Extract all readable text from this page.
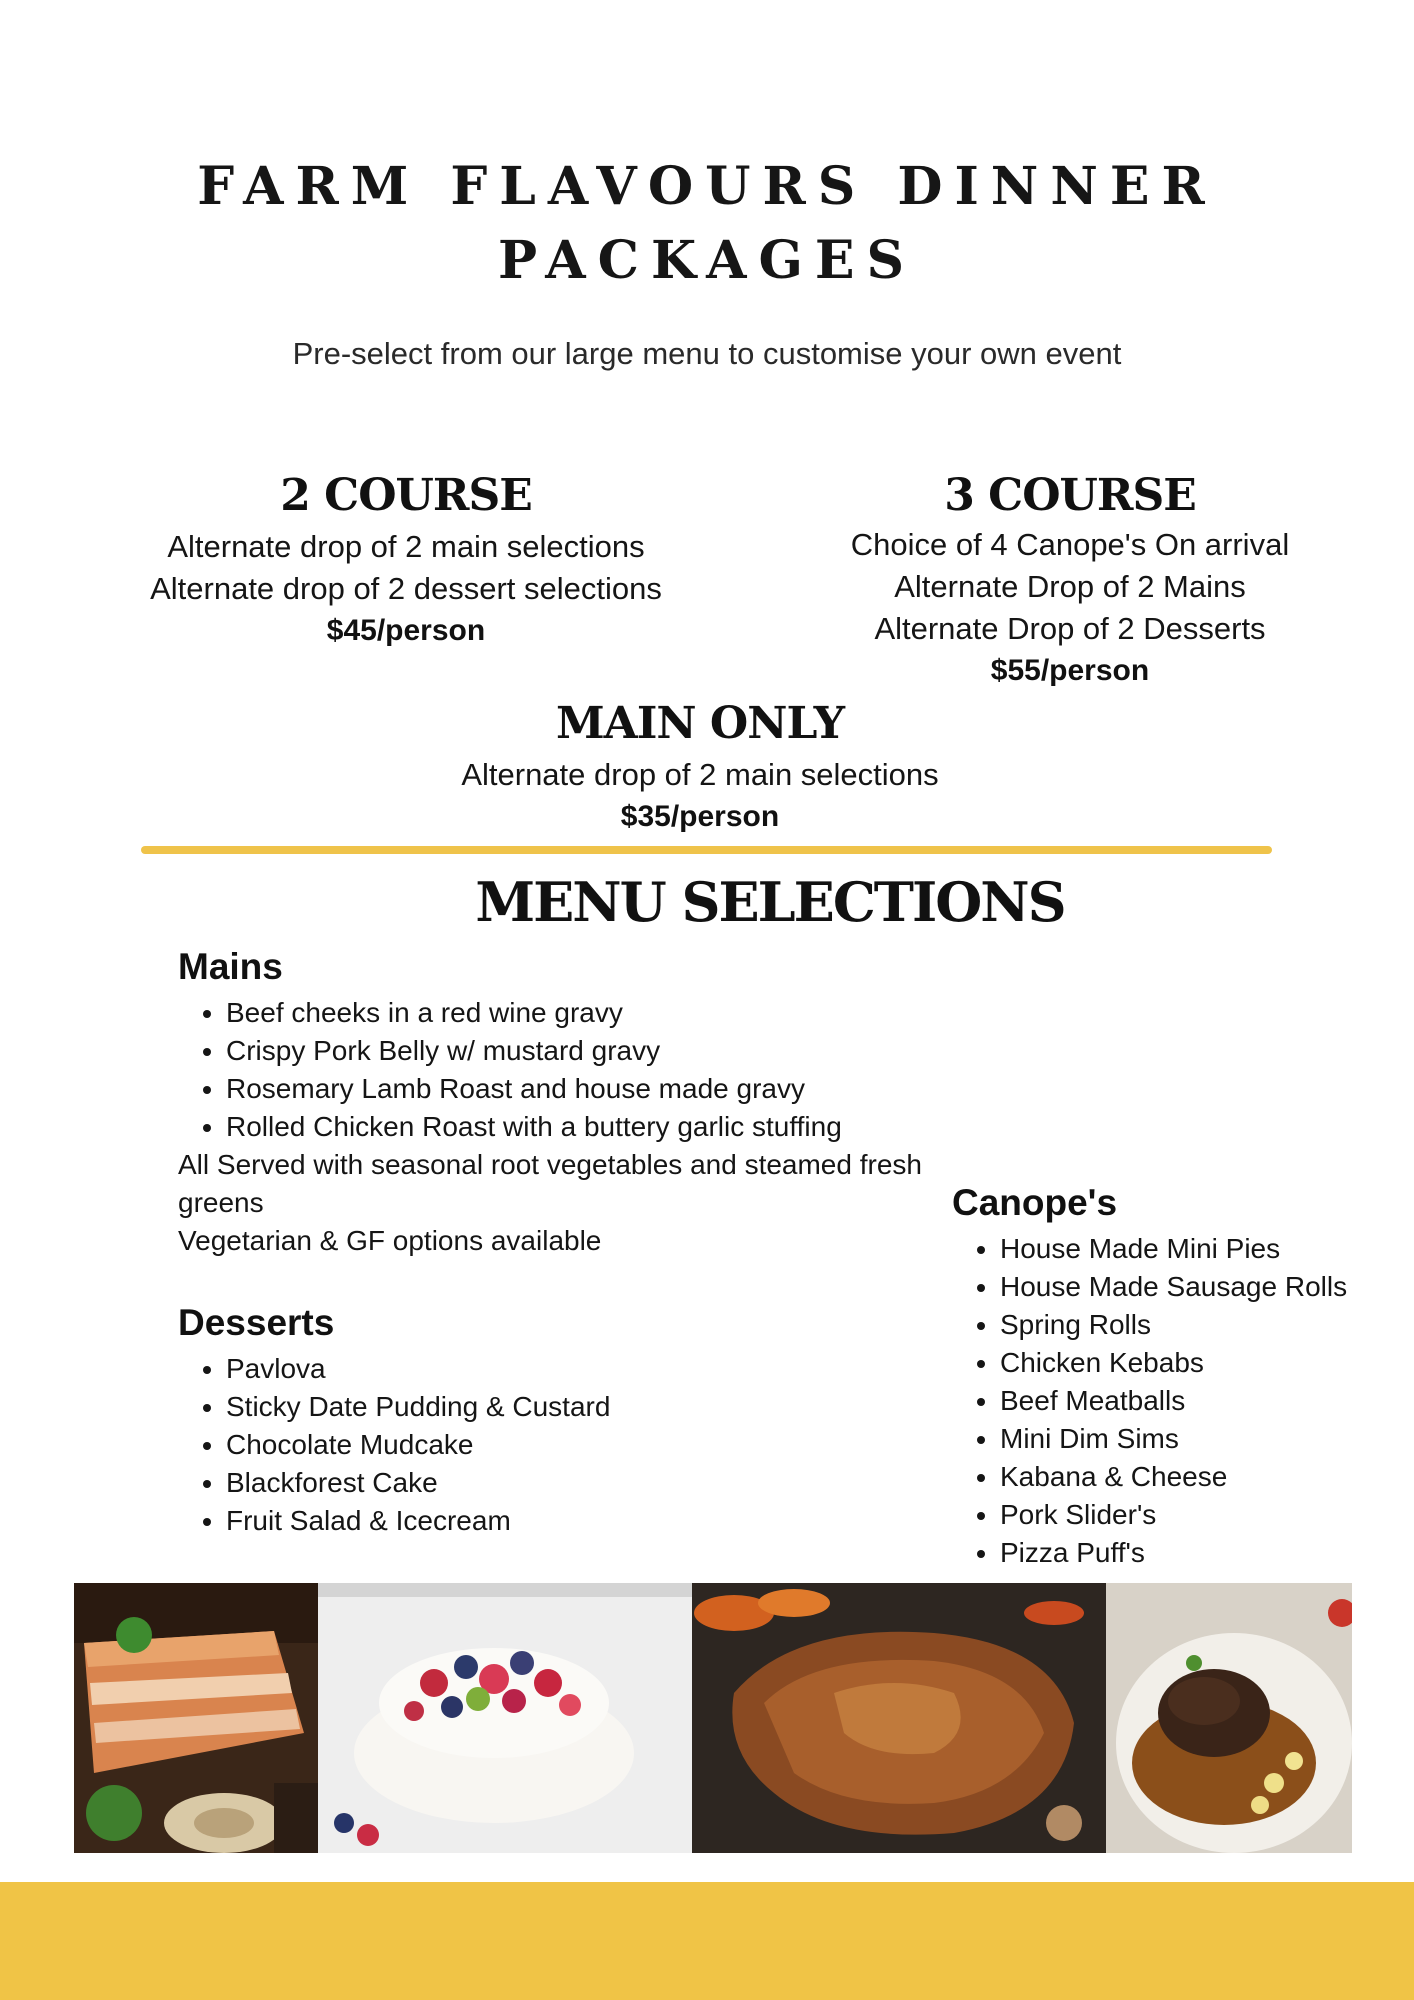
FARM FLAVOURS DINNER
PACKAGES
Pre-select from our large menu to customise your own event
2 COURSE
Alternate drop of 2 main selections
Alternate drop of 2 dessert selections
$45/person
3 COURSE
Choice of 4 Canope's On arrival
Alternate Drop of 2 Mains
Alternate Drop of 2 Desserts
$55/person
MAIN ONLY
Alternate drop of 2 main selections
$35/person
MENU SELECTIONS
Mains
• Beef cheeks in a red wine gravy
• Crispy Pork Belly w/ mustard gravy
• Rosemary Lamb Roast and house made gravy
• Rolled Chicken Roast with a buttery garlic stuffing
All Served with seasonal root vegetables and steamed fresh greens
Vegetarian & GF options available
Desserts
• Pavlova
• Sticky Date Pudding & Custard
• Chocolate Mudcake
• Blackforest Cake
• Fruit Salad & Icecream
Canope's
• House Made Mini Pies
• House Made Sausage Rolls
• Spring Rolls
• Chicken Kebabs
• Beef Meatballs
• Mini Dim Sims
• Kabana & Cheese
• Pork Slider's
• Pizza Puff's
